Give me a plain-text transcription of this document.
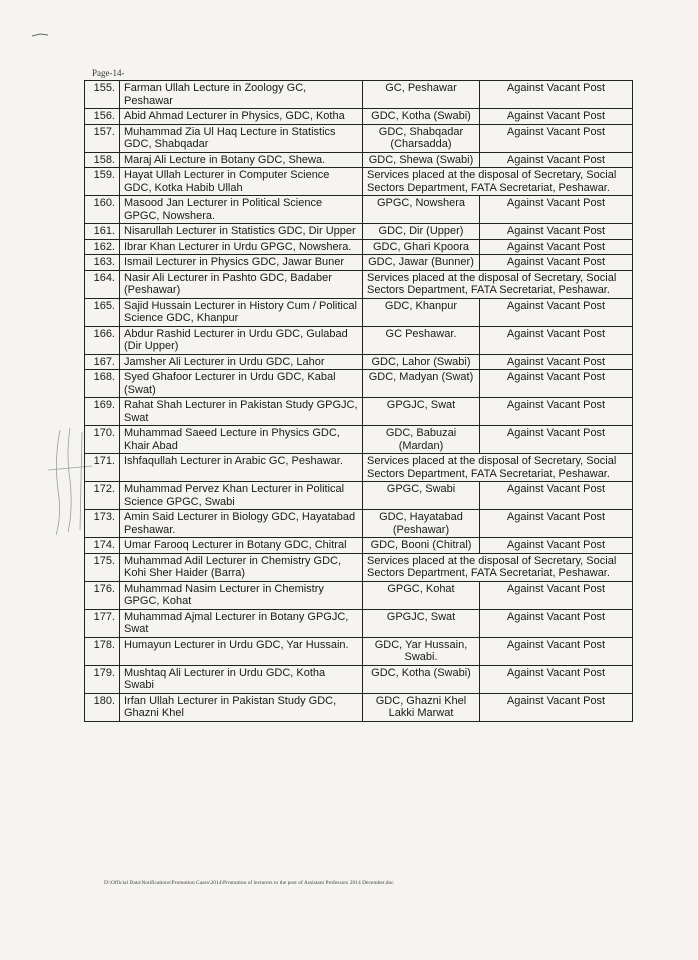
Page-14-
155.	Farman Ullah Lecture in Zoology GC, Peshawar	GC, Peshawar	Against Vacant Post
156.	Abid Ahmad Lecturer in Physics, GDC, Kotha	GDC, Kotha (Swabi)	Against Vacant Post
157.	Muhammad Zia Ul Haq Lecture in Statistics GDC, Shabqadar	GDC, Shabqadar (Charsadda)	Against Vacant Post
158.	Maraj Ali Lecture in Botany GDC, Shewa.	GDC, Shewa (Swabi)	Against Vacant Post
159.	Hayat Ullah Lecturer in Computer Science GDC, Kotka Habib Ullah	Services placed at the disposal of Secretary, Social Sectors Department, FATA Secretariat, Peshawar.	
160.	Masood Jan Lecturer in Political Science GPGC, Nowshera.	GPGC, Nowshera	Against Vacant Post
161.	Nisarullah Lecturer in Statistics GDC, Dir Upper	GDC, Dir (Upper)	Against Vacant Post
162.	Ibrar Khan Lecturer in Urdu GPGC, Nowshera.	GDC, Ghari Kpoora	Against Vacant Post
163.	Ismail Lecturer in Physics GDC, Jawar Buner	GDC, Jawar (Bunner)	Against Vacant Post
164.	Nasir Ali Lecturer in Pashto GDC, Badaber (Peshawar)	Services placed at the disposal of Secretary, Social Sectors Department, FATA Secretariat, Peshawar.	
165.	Sajid Hussain Lecturer in History Cum / Political Science GDC, Khanpur	GDC, Khanpur	Against Vacant Post
166.	Abdur Rashid Lecturer in Urdu GDC, Gulabad (Dir Upper)	GC Peshawar.	Against Vacant Post
167.	Jamsher Ali Lecturer in Urdu GDC, Lahor	GDC, Lahor (Swabi)	Against Vacant Post
168.	Syed Ghafoor Lecturer in Urdu GDC, Kabal (Swat)	GDC, Madyan (Swat)	Against Vacant Post
169.	Rahat Shah Lecturer in Pakistan Study GPGJC, Swat	GPGJC, Swat	Against Vacant Post
170.	Muhammad Saeed Lecture in Physics GDC, Khair Abad	GDC, Babuzai (Mardan)	Against Vacant Post
171.	Ishfaqullah Lecturer in Arabic GC, Peshawar.	Services placed at the disposal of Secretary, Social Sectors Department, FATA Secretariat, Peshawar.	
172.	Muhammad Pervez Khan Lecturer in Political Science GPGC, Swabi	GPGC, Swabi	Against Vacant Post
173.	Amin Said Lecturer in Biology GDC, Hayatabad Peshawar.	GDC, Hayatabad (Peshawar)	Against Vacant Post
174.	Umar Farooq Lecturer in Botany GDC, Chitral	GDC, Booni (Chitral)	Against Vacant Post
175.	Muhammad Adil Lecturer in Chemistry GDC, Kohi Sher Haider (Barra)	Services placed at the disposal of Secretary, Social Sectors Department, FATA Secretariat, Peshawar.	
176.	Muhammad Nasim Lecturer in Chemistry GPGC, Kohat	GPGC, Kohat	Against Vacant Post
177.	Muhammad Ajmal Lecturer in Botany GPGJC, Swat	GPGJC, Swat	Against Vacant Post
178.	Humayun Lecturer in Urdu GDC, Yar Hussain.	GDC, Yar Hussain, Swabi.	Against Vacant Post
179.	Mushtaq Ali Lecturer in Urdu GDC, Kotha Swabi	GDC, Kotha (Swabi)	Against Vacant Post
180.	Irfan Ullah Lecturer in Pakistan Study GDC, Ghazni Khel	GDC, Ghazni Khel Lakki Marwat	Against Vacant Post
D:\Official Data\Notifications\Promotion Cases\2014\Promotion of lecturers to the post of Assistant Professors 2014 December.doc
